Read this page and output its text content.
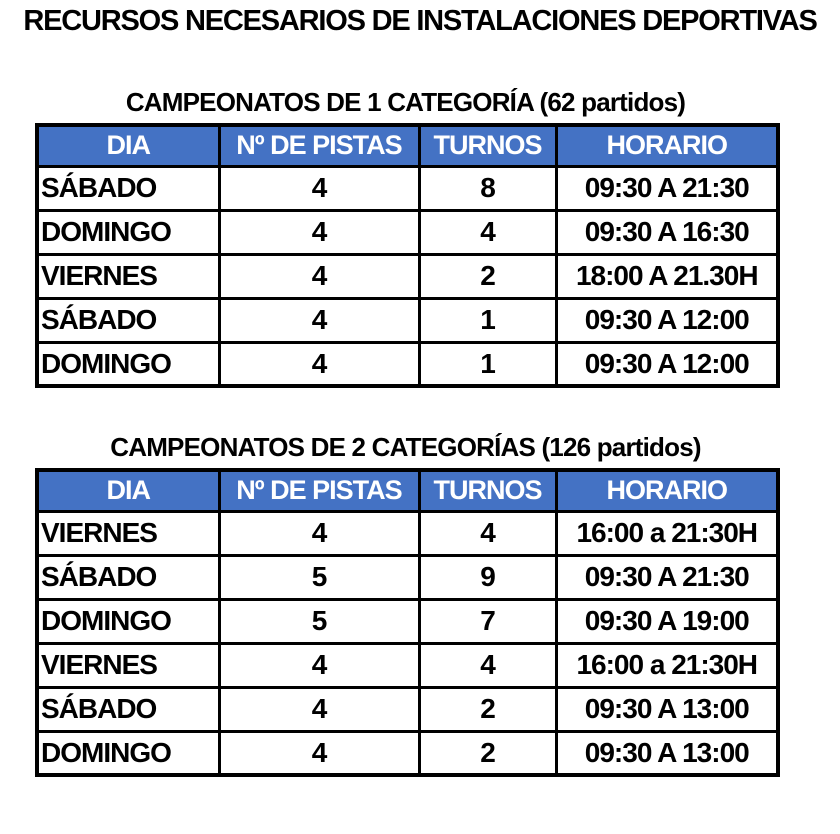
RECURSOS NECESARIOS DE INSTALACIONES DEPORTIVAS
CAMPEONATOS DE 1 CATEGORÍA (62 partidos)
DIA	Nº DE PISTAS	TURNOS	HORARIO
SÁBADO	4	8	09:30 A 21:30
DOMINGO	4	4	09:30 A 16:30
VIERNES	4	2	18:00 A 21.30H
SÁBADO	4	1	09:30 A 12:00
DOMINGO	4	1	09:30 A 12:00
CAMPEONATOS DE 2 CATEGORÍAS (126 partidos)
DIA	Nº DE PISTAS	TURNOS	HORARIO
VIERNES	4	4	16:00 a 21:30H
SÁBADO	5	9	09:30 A 21:30
DOMINGO	5	7	09:30 A 19:00
VIERNES	4	4	16:00 a 21:30H
SÁBADO	4	2	09:30 A 13:00
DOMINGO	4	2	09:30 A 13:00
